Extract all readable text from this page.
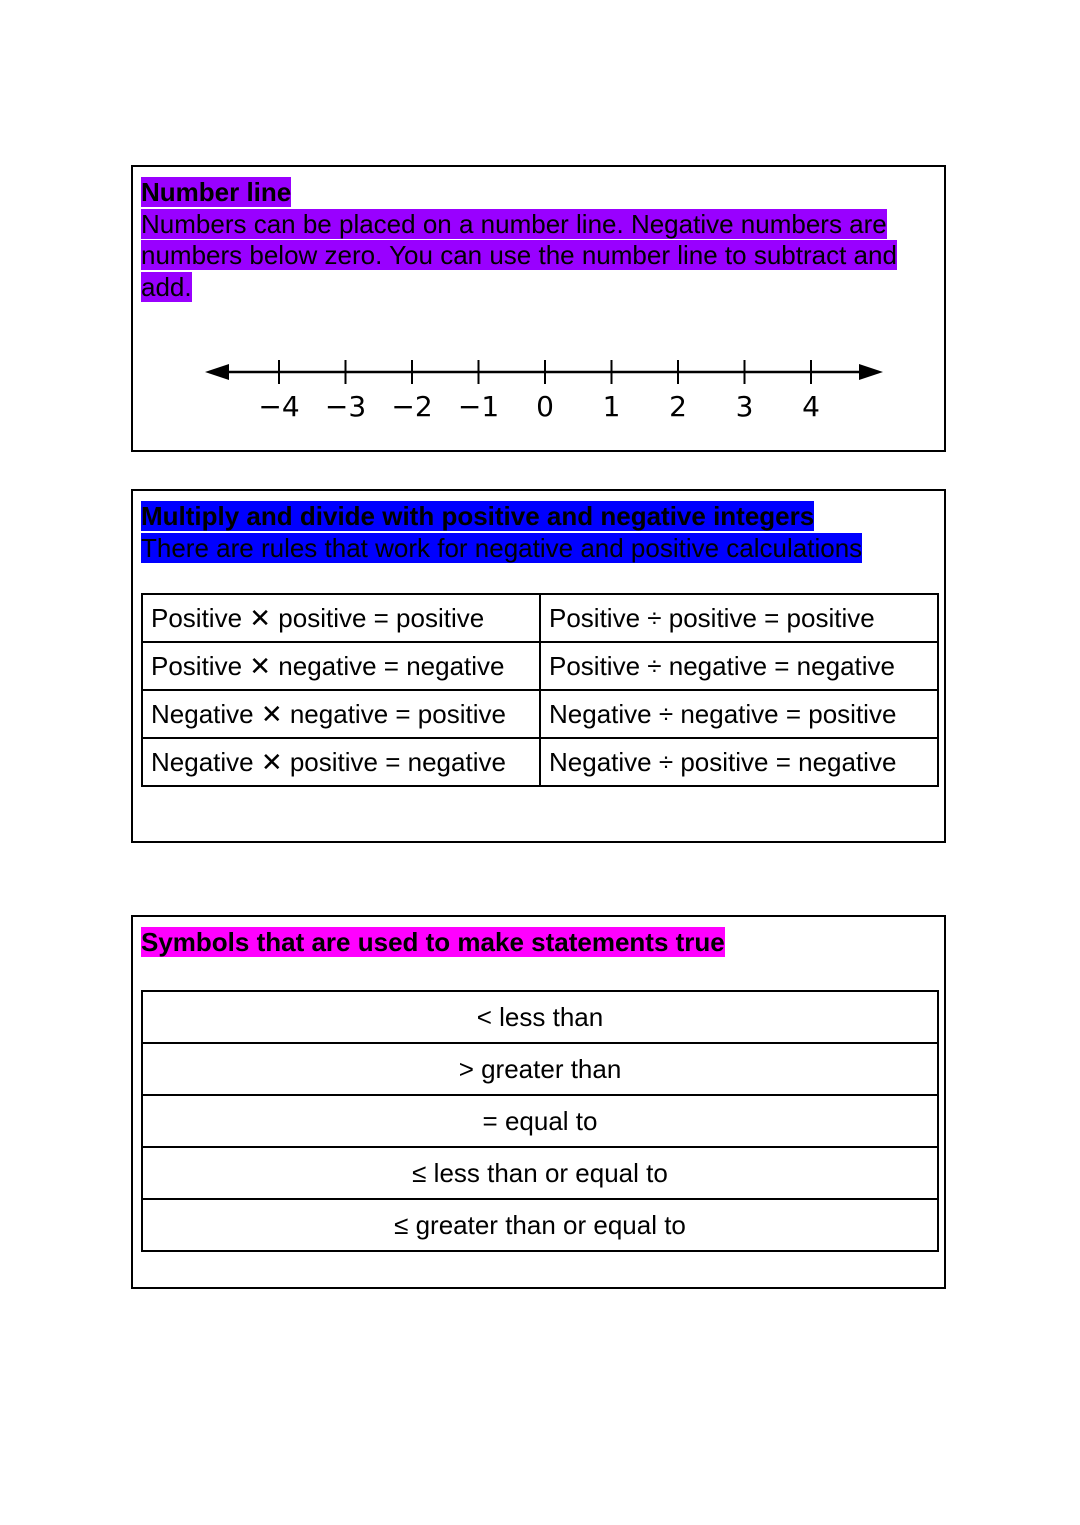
Number line
Numbers can be placed on a number line. Negative numbers are numbers below zero. You can use the number line to subtract and add.
−4 −3 −2 −1 0 1 2 3 4
Multiply and divide with positive and negative integers
There are rules that work for negative and positive calculations
Positive ✕ positive = positive	Positive ÷ positive = positive
Positive ✕ negative = negative	Positive ÷ negative = negative
Negative ✕ negative = positive	Negative ÷ negative = positive
Negative ✕ positive = negative	Negative ÷ positive = negative
Symbols that are used to make statements true
< less than
> greater than
= equal to
≤ less than or equal to
≤ greater than or equal to
